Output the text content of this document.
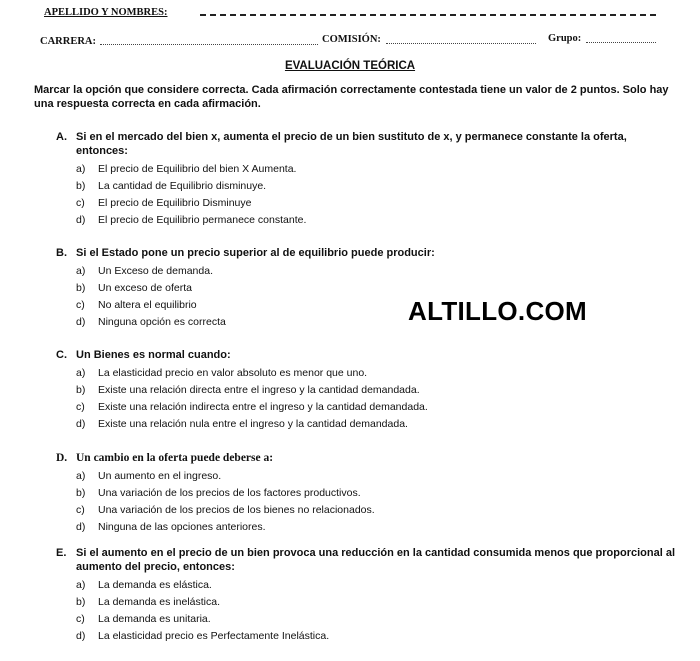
APELLIDO Y NOMBRES:
CARRERA:	COMISIÓN:	Grupo:
EVALUACIÓN TEÓRICA
Marcar la opción que considere correcta. Cada afirmación correctamente contestada tiene un valor de 2 puntos. Solo hay una respuesta correcta en cada afirmación.
ALTILLO.COM
A. Si en el mercado del bien x, aumenta el precio de un bien sustituto de x, y permanece constante la oferta, entonces:
a)	El precio de Equilibrio del bien X Aumenta.
b)	La cantidad de Equilibrio disminuye.
c)	El precio de Equilibrio Disminuye
d)	El precio de Equilibrio permanece constante.
B. Si el Estado pone un precio superior al de equilibrio puede producir:
a)	Un Exceso de demanda.
b)	Un exceso de oferta
c)	No altera el equilibrio
d)	Ninguna opción es correcta
C. Un Bienes es normal cuando:
a)	La elasticidad precio en valor absoluto es menor que uno.
b)	Existe una relación directa entre el ingreso y la cantidad demandada.
c)	Existe una relación indirecta entre el ingreso y la cantidad demandada.
d)	Existe una relación nula entre el ingreso y la cantidad demandada.
D. Un cambio en la oferta puede deberse a:
a)	Un aumento en el ingreso.
b)	Una variación de los precios de los factores productivos.
c)	Una variación de los precios de los bienes no relacionados.
d)	Ninguna de las opciones anteriores.
E. Si el aumento en el precio de un bien provoca una reducción en la cantidad consumida menos que proporcional al aumento del precio, entonces:
a)	La demanda es elástica.
b)	La demanda es inelástica.
c)	La demanda es unitaria.
d)	La elasticidad precio es Perfectamente Inelástica.
